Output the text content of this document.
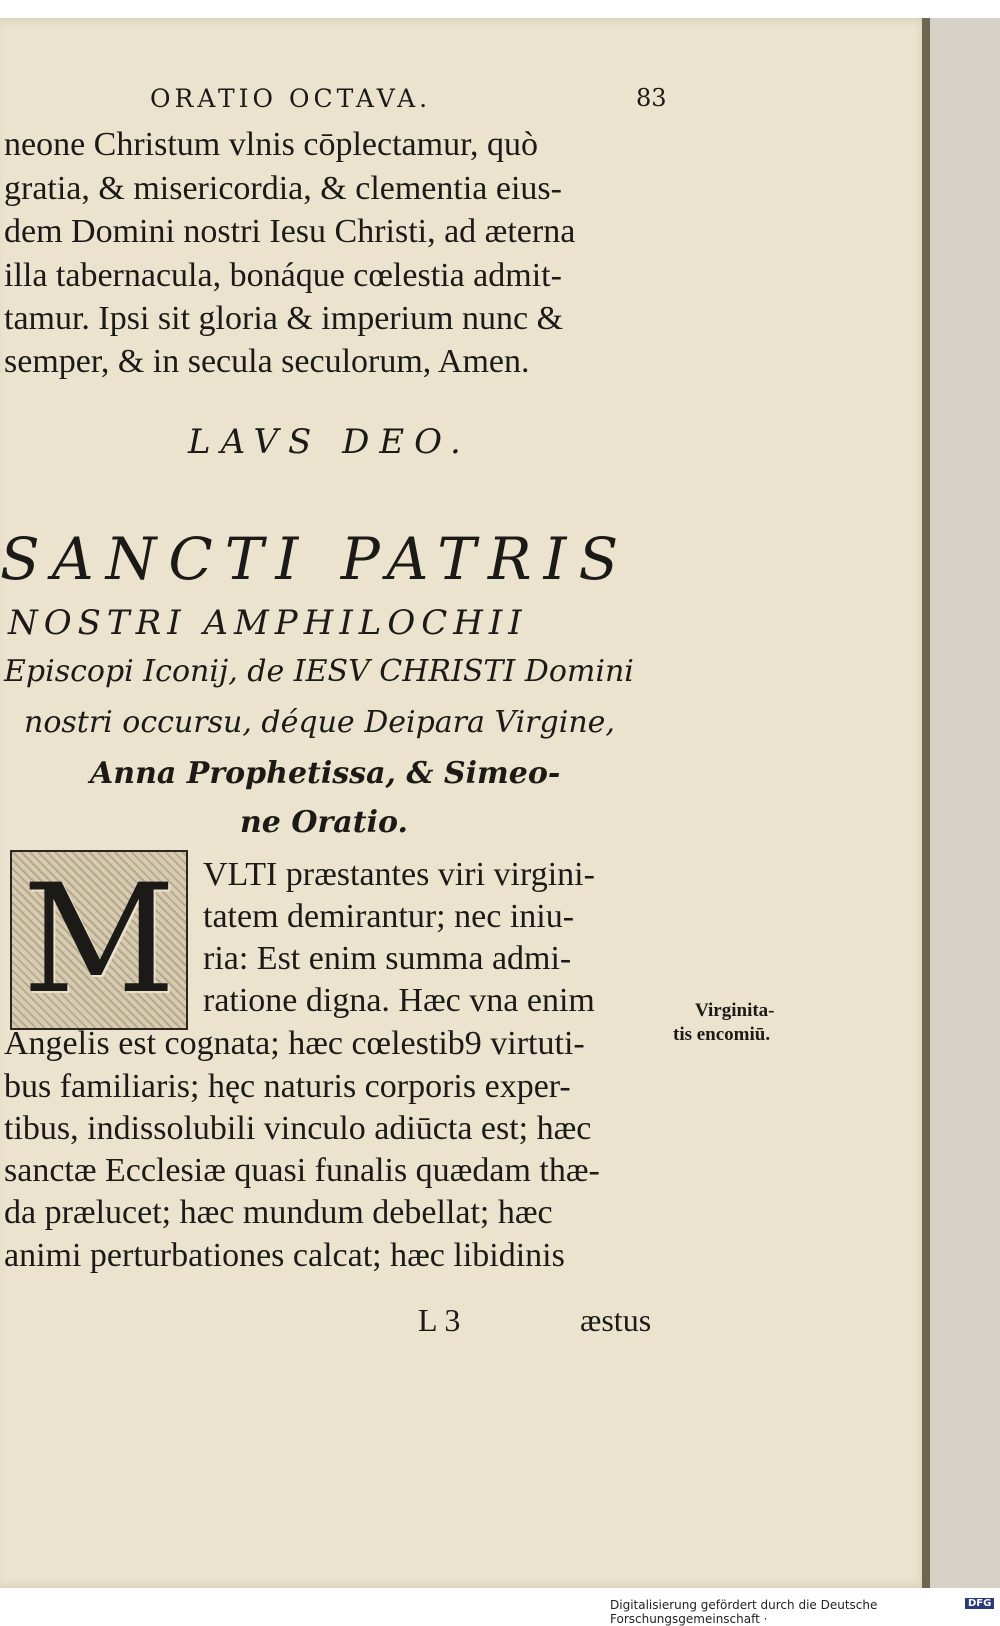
ORATIO OCTAVA.	83
neone Christum vlnis cōplectamur, quò
gratia, & misericordia, & clementia eius-
dem Domini nostri Iesu Christi, ad æterna
illa tabernacula, bonáque cœlestia admit-
tamur. Ipsi sit gloria & imperium nunc &
semper, & in secula seculorum, Amen.
LAVS DEO.
SANCTI PATRIS
NOSTRI AMPHILOCHII
Episcopi Iconij, de IESV CHRISTI Domini
nostri occursu, déque Deipara Virgine,
Anna Prophetissa, & Simeo-
ne Oratio.
M VLTI præstantes viri virgini-
tatem demirantur; nec iniu-
ria: Est enim summa admi-
ratione digna. Hæc vna enim
Angelis est cognata; hæc cœlestib9 virtuti-
bus familiaris; hęc naturis corporis exper-
tibus, indissolubili vinculo adiūcta est; hæc
sanctæ Ecclesiæ quasi funalis quædam thæ-
da prælucet; hæc mundum debellat; hæc
animi perturbationes calcat; hæc libidinis
Virginita-
tis encomiū.
L 3	æstus
Digitalisierung gefördert durch die Deutsche Forschungsgemeinschaft ·
DFG
